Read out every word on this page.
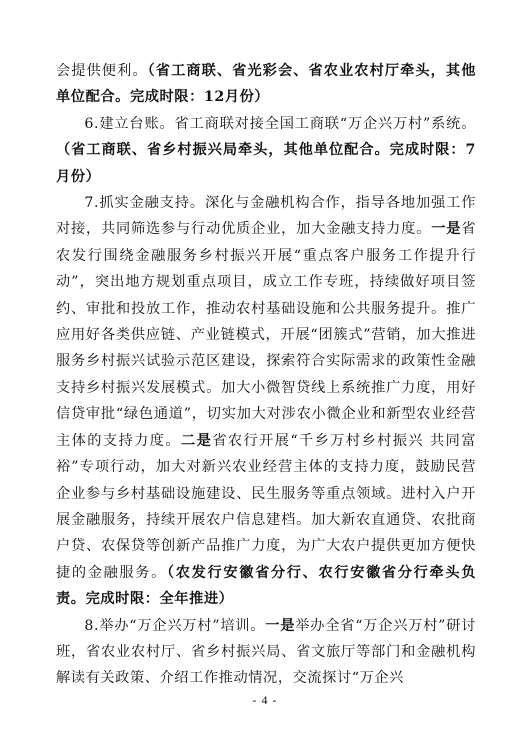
会提供便利。（省工商联、省光彩会、省农业农村厅牵头，其他单位配合。完成时限：12月份）

6.建立台账。省工商联对接全国工商联“万企兴万村”系统。（省工商联、省乡村振兴局牵头，其他单位配合。完成时限：7月份）

7.抓实金融支持。深化与金融机构合作，指导各地加强工作对接，共同筛选参与行动优质企业，加大金融支持力度。一是省农发行围绕金融服务乡村振兴开展“重点客户服务工作提升行动”，突出地方规划重点项目，成立工作专班，持续做好项目签约、审批和投放工作，推动农村基础设施和公共服务提升。推广应用好各类供应链、产业链模式，开展“团簇式”营销，加大推进服务乡村振兴试验示范区建设，探索符合实际需求的政策性金融支持乡村振兴发展模式。加大小微智贷线上系统推广力度，用好信贷审批“绿色通道”，切实加大对涉农小微企业和新型农业经营主体的支持力度。二是省农行开展“千乡万村乡村振兴 共同富裕”专项行动，加大对新兴农业经营主体的支持力度，鼓励民营企业参与乡村基础设施建设、民生服务等重点领域。进村入户开展金融服务，持续开展农户信息建档。加大新农直通贷、农批商户贷、农保贷等创新产品推广力度，为广大农户提供更加方便快捷的金融服务。（农发行安徽省分行、农行安徽省分行牵头负责。完成时限：全年推进）

8.举办“万企兴万村”培训。一是举办全省“万企兴万村”研讨班，省农业农村厅、省乡村振兴局、省文旅厅等部门和金融机构解读有关政策、介绍工作推动情况，交流探讨“万企兴

- 4 -
